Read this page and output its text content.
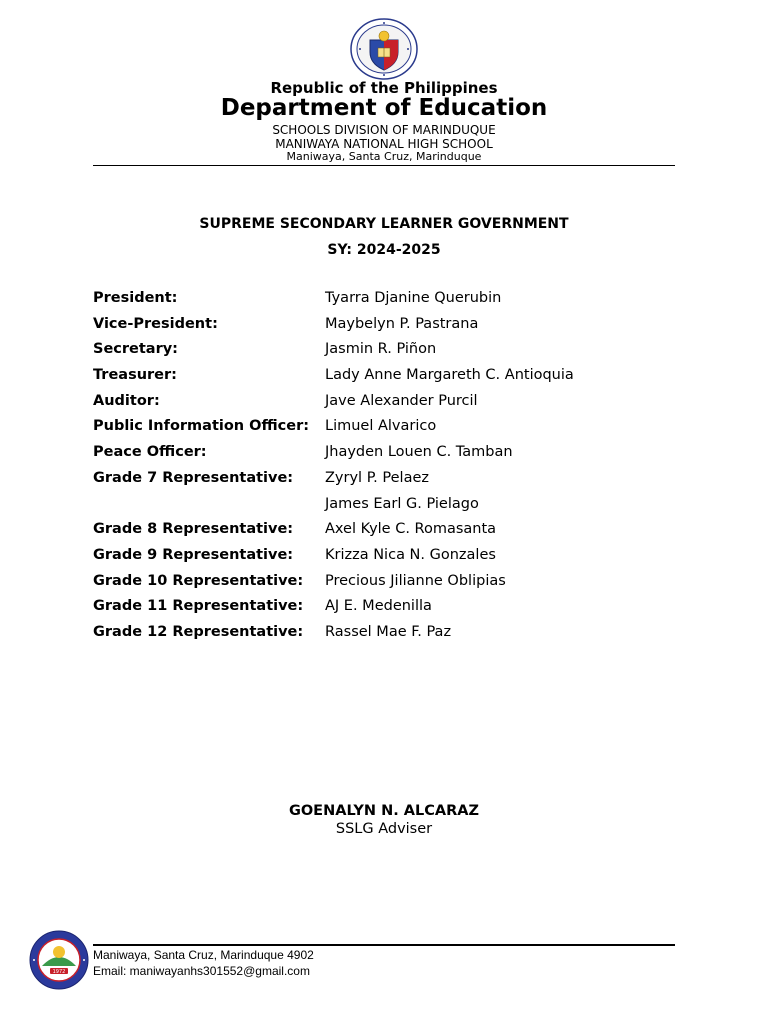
Republic of the Philippines
Department of Education
SCHOOLS DIVISION OF MARINDUQUE
MANIWAYA NATIONAL HIGH SCHOOL
Maniwaya, Santa Cruz, Marinduque
SUPREME SECONDARY LEARNER GOVERNMENT
SY: 2024-2025
President:	Tyarra Djanine Querubin
Vice-President:	Maybelyn P. Pastrana
Secretary:	Jasmin R. Piñon
Treasurer:	Lady Anne Margareth C. Antioquia
Auditor:	Jave Alexander Purcil
Public Information Officer: Limuel Alvarico
Peace Officer:	Jhayden Louen C. Tamban
Grade 7 Representative: Zyryl P. Pelaez
James Earl G. Pielago
Grade 8 Representative: Axel Kyle C. Romasanta
Grade 9 Representative: Krizza Nica N. Gonzales
Grade 10 Representative: Precious Jilianne Oblipias
Grade 11 Representative: AJ E. Medenilla
Grade 12 Representative: Rassel Mae F. Paz
GOENALYN N. ALCARAZ
SSLG Adviser
1972
Maniwaya, Santa Cruz, Marinduque 4902
Email: maniwayanhs301552@gmail.com
